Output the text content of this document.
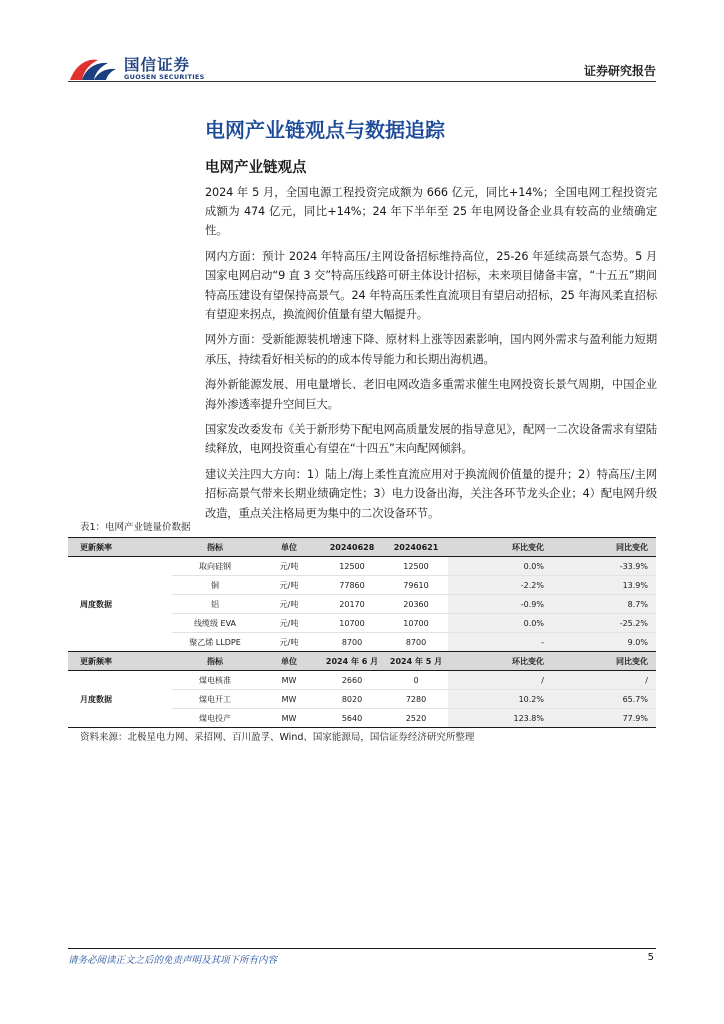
国信证券
GUOSEN SECURITIES	证券研究报告
电网产业链观点与数据追踪
电网产业链观点

2024 年 5 月，全国电源工程投资完成额为 666 亿元，同比+14%；全国电网工程投资完成额为 474 亿元，同比+14%；24 年下半年至 25 年电网设备企业具有较高的业绩确定性。

网内方面：预计 2024 年特高压/主网设备招标维持高位，25-26 年延续高景气态势。5 月国家电网启动“9 直 3 交”特高压线路可研主体设计招标，未来项目储备丰富，“十五五”期间特高压建设有望保持高景气。24 年特高压柔性直流项目有望启动招标，25 年海风柔直招标有望迎来拐点，换流阀价值量有望大幅提升。

网外方面：受新能源装机增速下降、原材料上涨等因素影响，国内网外需求与盈利能力短期承压，持续看好相关标的的成本传导能力和长期出海机遇。

海外新能源发展、用电量增长、老旧电网改造多重需求催生电网投资长景气周期，中国企业海外渗透率提升空间巨大。

国家发改委发布《关于新形势下配电网高质量发展的指导意见》，配网一二次设备需求有望陆续释放，电网投资重心有望在“十四五”末向配网倾斜。

建议关注四大方向：1）陆上/海上柔性直流应用对于换流阀价值量的提升；2）特高压/主网招标高景气带来长期业绩确定性；3）电力设备出海，关注各环节龙头企业；4）配电网升级改造，重点关注格局更为集中的二次设备环节。

表1：电网产业链量价数据
更新频率	指标	单位	20240628	20240621	环比变化	同比变化
周度数据	取向硅钢	元/吨	12500	12500	0.0%	-33.9%
	铜	元/吨	77860	79610	-2.2%	13.9%
	铝	元/吨	20170	20360	-0.9%	8.7%
	线缆级 EVA	元/吨	10700	10700	0.0%	-25.2%
	聚乙烯 LLDPE	元/吨	8700	8700	-	9.0%
更新频率	指标	单位	2024 年 6 月	2024 年 5 月	环比变化	同比变化
月度数据	煤电核准	MW	2660	0	/	/
	煤电开工	MW	8020	7280	10.2%	65.7%
	煤电投产	MW	5640	2520	123.8%	77.9%
资料来源：北极星电力网、采招网、百川盈孚、Wind、国家能源局，国信证券经济研究所整理
请务必阅读正文之后的免责声明及其项下所有内容	5
